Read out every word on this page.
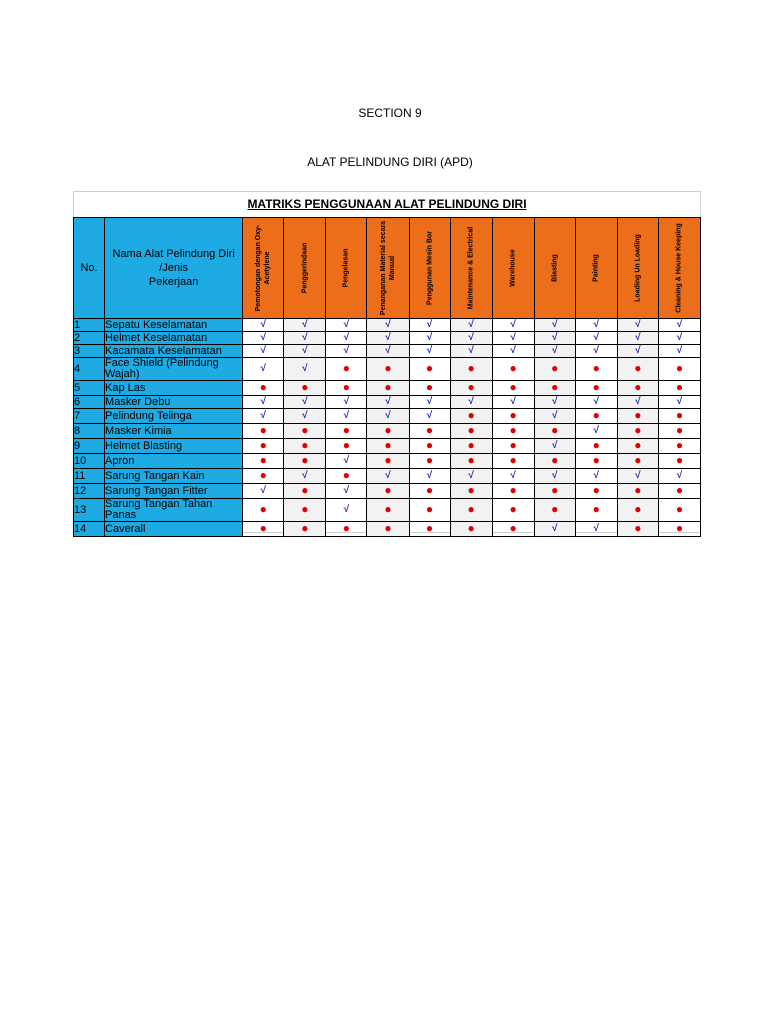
SECTION 9
ALAT PELINDUNG DIRI (APD)
MATRIKS PENGGUNAAN ALAT PELINDUNG DIRI
No.	Nama Alat Pelindung Diri
/Jenis
Pekerjaan	Pemotongan dengan Oxy-Acetylene	Penggerindaan	Pengelasan	Penanganan Material secara Manual	Penggunan Mesin Bor	Maintenance & Electrical	Warehouse	Blasting	Painting	Loading Un Loading	Cleaning & House Keeping

1	Sepatu Keselamatan	√	√	√	√	√	√	√	√	√	√	√
2	Helmet Keselamatan	√	√	√	√	√	√	√	√	√	√	√
3	Kacamata Keselamatan	√	√	√	√	√	√	√	√	√	√	√
4	Face Shield (Pelindung Wajah)	√	√	●	●	●	●	●	●	●	●	●
5	Kap Las	●	●	●	●	●	●	●	●	●	●	●
6	Masker Debu	√	√	√	√	√	√	√	√	√	√	√
7	Pelindung Telinga	√	√	√	√	√	●	●	√	●	●	●
8	Masker Kimia	●	●	●	●	●	●	●	●	√	●	●
9	Helmet Blasting	●	●	●	●	●	●	●	√	●	●	●
10	Apron	●	●	√	●	●	●	●	●	●	●	●
11	Sarung Tangan Kain	●	√	●	√	√	√	√	√	√	√	√
12	Sarung Tangan Fitter	√	●	√	●	●	●	●	●	●	●	●
13	Sarung Tangan Tahan Panas	●	●	√	●	●	●	●	●	●	●	●
14	Caverall	●	●	●	●	●	●	●	√	√	●	●
